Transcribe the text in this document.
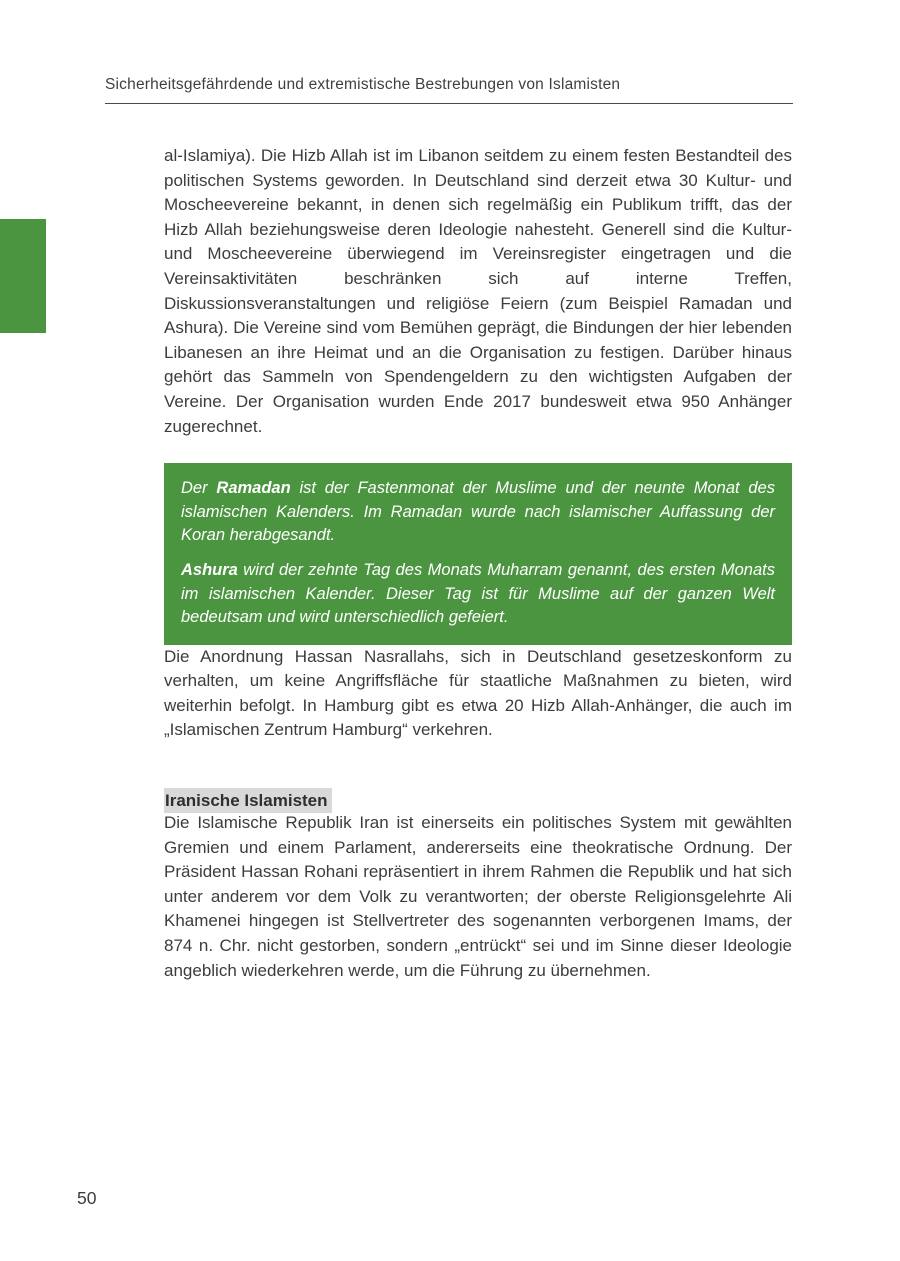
Sicherheitsgefährdende und extremistische Bestrebungen von Islamisten

al-Islamiya). Die Hizb Allah ist im Libanon seitdem zu einem festen Bestandteil des politischen Systems geworden. In Deutschland sind derzeit etwa 30 Kultur- und Moscheevereine bekannt, in denen sich regelmäßig ein Publikum trifft, das der Hizb Allah beziehungsweise deren Ideologie nahesteht. Generell sind die Kultur- und Moscheevereine überwiegend im Vereinsregister eingetragen und die Vereinsaktivitäten beschränken sich auf interne Treffen, Diskussionsveranstaltungen und religiöse Feiern (zum Beispiel Ramadan und Ashura). Die Vereine sind vom Bemühen geprägt, die Bindungen der hier lebenden Libanesen an ihre Heimat und an die Organisation zu festigen. Darüber hinaus gehört das Sammeln von Spendengeldern zu den wichtigsten Aufgaben der Vereine. Der Organisation wurden Ende 2017 bundesweit etwa 950 Anhänger zugerechnet.

Der Ramadan ist der Fastenmonat der Muslime und der neunte Monat des islamischen Kalenders. Im Ramadan wurde nach islamischer Auffassung der Koran herabgesandt.

Ashura wird der zehnte Tag des Monats Muharram genannt, des ersten Monats im islamischen Kalender. Dieser Tag ist für Muslime auf der ganzen Welt bedeutsam und wird unterschiedlich gefeiert.

Die Anordnung Hassan Nasrallahs, sich in Deutschland gesetzeskonform zu verhalten, um keine Angriffsfläche für staatliche Maßnahmen zu bieten, wird weiterhin befolgt. In Hamburg gibt es etwa 20 Hizb Allah-Anhänger, die auch im „Islamischen Zentrum Hamburg“ verkehren.

Iranische Islamisten

Die Islamische Republik Iran ist einerseits ein politisches System mit gewählten Gremien und einem Parlament, andererseits eine theokratische Ordnung. Der Präsident Hassan Rohani repräsentiert in ihrem Rahmen die Republik und hat sich unter anderem vor dem Volk zu verantworten; der oberste Religionsgelehrte Ali Khamenei hingegen ist Stellvertreter des sogenannten verborgenen Imams, der 874 n. Chr. nicht gestorben, sondern „entrückt“ sei und im Sinne dieser Ideologie angeblich wiederkehren werde, um die Führung zu übernehmen.

50
